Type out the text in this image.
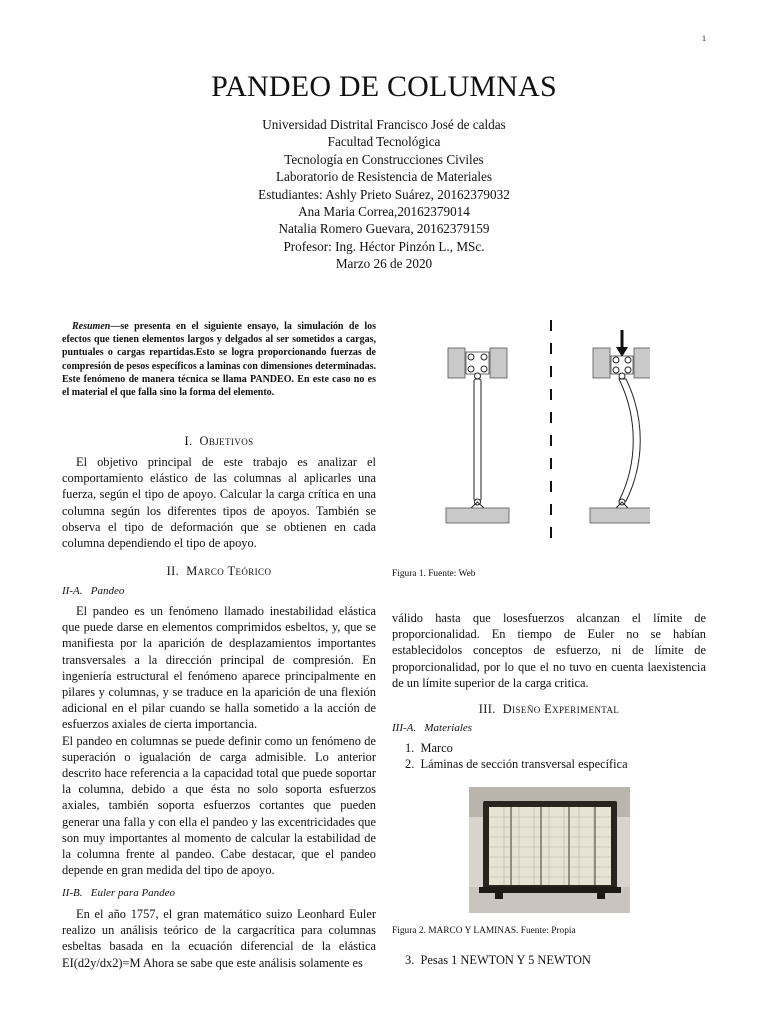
1
PANDEO DE COLUMNAS
Universidad Distrital Francisco José de caldas
Facultad Tecnológica
Tecnología en Construcciones Civiles
Laboratorio de Resistencia de Materiales
Estudiantes: Ashly Prieto Suárez, 20162379032
Ana Maria Correa,20162379014
Natalia Romero Guevara, 20162379159
Profesor: Ing. Héctor Pinzón L., MSc.
Marzo 26 de 2020
Resumen—se presenta en el siguiente ensayo, la simulación de los efectos que tienen elementos largos y delgados al ser sometidos a cargas, puntuales o cargas repartidas.Esto se logra proporcionando fuerzas de compresión de pesos específicos a laminas con dimensiones determinadas. Este fenómeno de manera técnica se llama PANDEO. En este caso no es el material el que falla sino la forma del elemento.
I. Objetivos

El objetivo principal de este trabajo es analizar el comportamiento elástico de las columnas al aplicarles una fuerza, según el tipo de apoyo. Calcular la carga crítica en una columna según los diferentes tipos de apoyos. También se observa el tipo de deformación que se obtienen en cada columna dependiendo el tipo de apoyo.

II. Marco Teórico
II-A. Pandeo

El pandeo es un fenómeno llamado inestabilidad elástica que puede darse en elementos comprimidos esbeltos, y, que se manifiesta por la aparición de desplazamientos importantes transversales a la dirección principal de compresión. En ingeniería estructural el fenómeno aparece principalmente en pilares y columnas, y se traduce en la aparición de una flexión adicional en el pilar cuando se halla sometido a la acción de esfuerzos axiales de cierta importancia.

El pandeo en columnas se puede definir como un fenómeno de superación o igualación de carga admisible. Lo anterior descrito hace referencia a la capacidad total que puede soportar la columna, debido a que ésta no solo soporta esfuerzos axiales, también soporta esfuerzos cortantes que pueden generar una falla y con ella el pandeo y las excentricidades que son muy importantes al momento de calcular la estabilidad de la columna frente al pandeo. Cabe destacar, que el pandeo depende en gran medida del tipo de apoyo.

II-B. Euler para Pandeo

En el año 1757, el gran matemático suizo Leonhard Euler realizo un análisis teórico de la cargacrítica para columnas esbeltas basada en la ecuación diferencial de la elástica EI(d2y/dx2)=M Ahora se sabe que este análisis solamente es

Figura 1. Fuente: Web

válido hasta que losesfuerzos alcanzan el límite de proporcionalidad. En tiempo de Euler no se habían establecidolos conceptos de esfuerzo, ni de límite de proporcionalidad, por lo que el no tuvo en cuenta laexistencia de un límite superior de la carga critica.

III. Diseño Experimental
III-A. Materiales
1. Marco
2. Láminas de sección transversal específica
Figura 2. MARCO Y LAMINAS. Fuente: Propia
3. Pesas 1 NEWTON Y 5 NEWTON
